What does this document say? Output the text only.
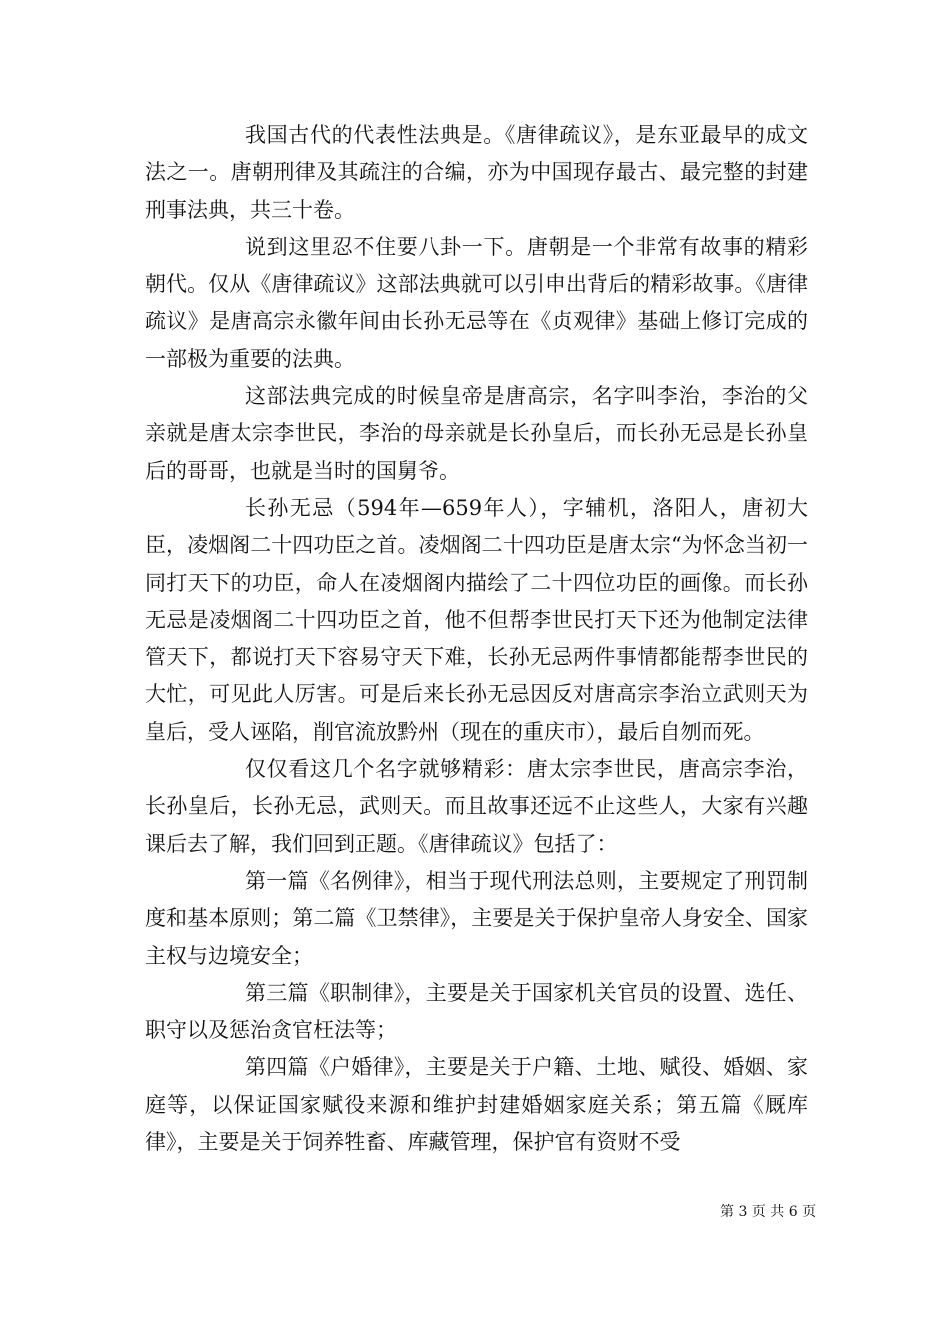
我国古代的代表性法典是。《唐律疏议》，是东亚最早的成文法之一。唐朝刑律及其疏注的合编，亦为中国现存最古、最完整的封建刑事法典，共三十卷。

说到这里忍不住要八卦一下。唐朝是一个非常有故事的精彩朝代。仅从《唐律疏议》这部法典就可以引申出背后的精彩故事。《唐律疏议》是唐高宗永徽年间由长孙无忌等在《贞观律》基础上修订完成的一部极为重要的法典。

这部法典完成的时候皇帝是唐高宗，名字叫李治，李治的父亲就是唐太宗李世民，李治的母亲就是长孙皇后，而长孙无忌是长孙皇后的哥哥，也就是当时的国舅爷。

长孙无忌（594年—659年人），字辅机，洛阳人，唐初大臣，凌烟阁二十四功臣之首。凌烟阁二十四功臣是唐太宗“为怀念当初一同打天下的功臣，命人在凌烟阁内描绘了二十四位功臣的画像。而长孙无忌是凌烟阁二十四功臣之首，他不但帮李世民打天下还为他制定法律管天下，都说打天下容易守天下难，长孙无忌两件事情都能帮李世民的大忙，可见此人厉害。可是后来长孙无忌因反对唐高宗李治立武则天为皇后，受人诬陷，削官流放黔州（现在的重庆市），最后自刎而死。

仅仅看这几个名字就够精彩：唐太宗李世民，唐高宗李治，长孙皇后，长孙无忌，武则天。而且故事还远不止这些人，大家有兴趣课后去了解，我们回到正题。《唐律疏议》包括了：

第一篇《名例律》，相当于现代刑法总则，主要规定了刑罚制度和基本原则；第二篇《卫禁律》，主要是关于保护皇帝人身安全、国家主权与边境安全；

第三篇《职制律》，主要是关于国家机关官员的设置、选任、职守以及惩治贪官枉法等；

第四篇《户婚律》，主要是关于户籍、土地、赋役、婚姻、家庭等，以保证国家赋役来源和维护封建婚姻家庭关系；第五篇《厩库律》，主要是关于饲养牲畜、库藏管理，保护官有资财不受

第 3 页 共 6 页
